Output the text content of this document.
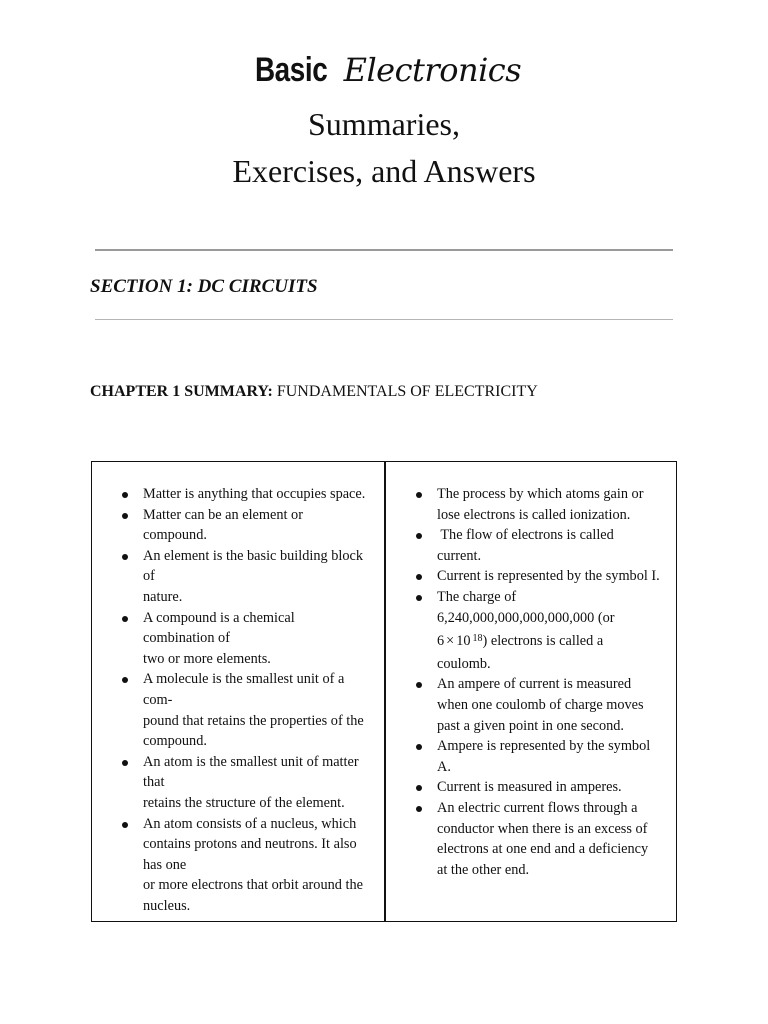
Basic Electronics
Summaries,
Exercises, and Answers
SECTION 1: DC CIRCUITS
CHAPTER 1 SUMMARY: FUNDAMENTALS OF ELECTRICITY
Matter is anything that occupies space.
Matter can be an element or
compound.
An element is the basic building block
of
nature.
A compound is a chemical
combination of
two or more elements.
A molecule is the smallest unit of a
com-
pound that retains the properties of the
compound.
An atom is the smallest unit of matter
that
retains the structure of the element.
An atom consists of a nucleus, which
contains protons and neutrons. It also
has one
or more electrons that orbit around the
nucleus.
The process by which atoms gain or
lose electrons is called ionization.
The flow of electrons is called
current.
Current is represented by the symbol I.
The charge of
6,240,000,000,000,000,000 (or
6 × 10 $^{18}$) electrons is called a
coulomb.
An ampere of current is measured
when one coulomb of charge moves
past a given point in one second.
Ampere is represented by the symbol
A.
Current is measured in amperes.
An electric current flows through a
conductor when there is an excess of
electrons at one end and a deficiency
at the other end.
